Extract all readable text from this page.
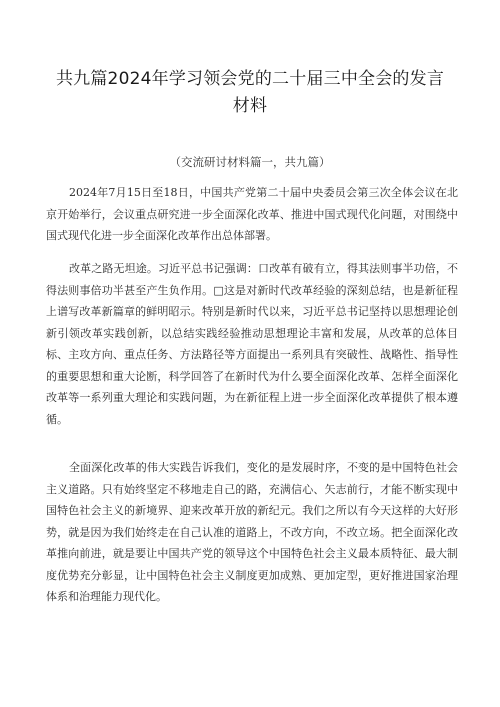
共九篇2024年学习领会党的二十届三中全会的发言材料
（交流研讨材料篇一，共九篇）

2024年7月15日至18日，中国共产党第二十届中央委员会第三次全体会议在北京开始举行，会议重点研究进一步全面深化改革、推进中国式现代化问题，对围绕中国式现代化进一步全面深化改革作出总体部署。

改革之路无坦途。习近平总书记强调：口改革有破有立，得其法则事半功倍，不得法则事倍功半甚至产生负作用。□这是对新时代改革经验的深刻总结，也是新征程上谱写改革新篇章的鲜明昭示。特别是新时代以来，习近平总书记坚持以思想理论创新引领改革实践创新，以总结实践经验推动思想理论丰富和发展，从改革的总体目标、主攻方向、重点任务、方法路径等方面提出一系列具有突破性、战略性、指导性的重要思想和重大论断，科学回答了在新时代为什么要全面深化改革、怎样全面深化改革等一系列重大理论和实践问题，为在新征程上进一步全面深化改革提供了根本遵循。

全面深化改革的伟大实践告诉我们，变化的是发展时序，不变的是中国特色社会主义道路。只有始终坚定不移地走自己的路，充满信心、矢志前行，才能不断实现中国特色社会主义的新境界、迎来改革开放的新纪元。我们之所以有今天这样的大好形势，就是因为我们始终走在自己认准的道路上，不改方向，不改立场。把全面深化改革推向前进，就是要让中国共产党的领导这个中国特色社会主义最本质特征、最大制度优势充分彰显，让中国特色社会主义制度更加成熟、更加定型，更好推进国家治理体系和治理能力现代化。
